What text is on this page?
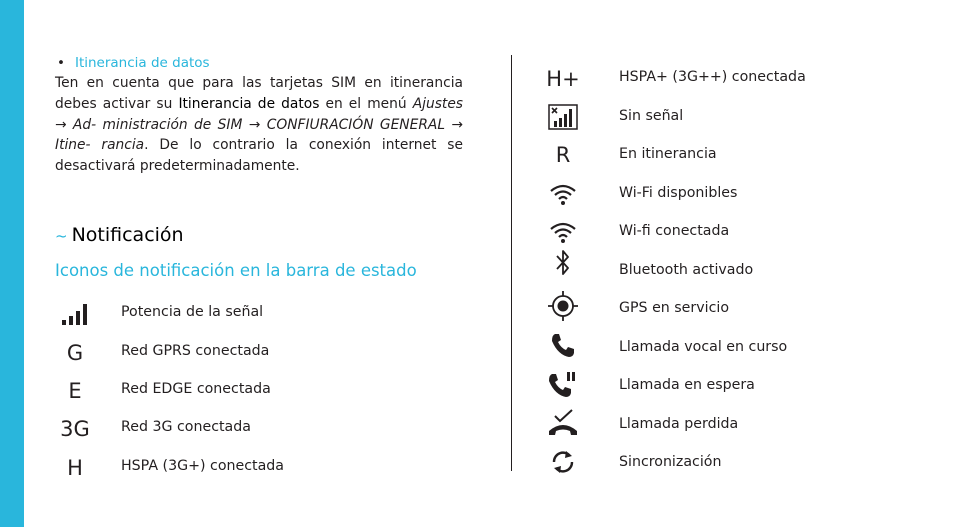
• Itinerancia de datos
Ten en cuenta que para las tarjetas SIM en itinerancia debes activar su Itinerancia de datos en el menú Ajustes → Ad- ministración de SIM → CONFIURACIÓN GENERAL → Itine- rancia. De lo contrario la conexión internet se desactivará predeterminadamente.
~ Notificación
Iconos de notificación en la barra de estado
Potencia de la señal
G	Red GPRS conectada
E	Red EDGE conectada
3G Red 3G conectada
H	HSPA (3G+) conectada
H+	HSPA+ (3G++) conectada
Sin señal
R	En itinerancia
Wi-Fi disponibles
Wi-fi conectada
Bluetooth activado
GPS en servicio
Llamada vocal en curso
Llamada en espera
Llamada perdida
Sincronización
